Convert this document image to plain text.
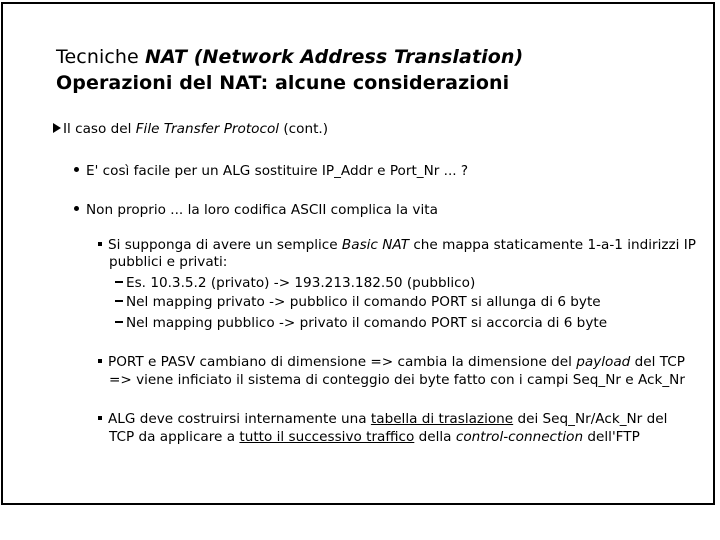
Tecniche NAT (Network Address Translation)
Operazioni del NAT: alcune considerazioni
Il caso del File Transfer Protocol (cont.)
E' così facile per un ALG sostituire IP_Addr e Port_Nr ... ?
Non proprio ... la loro codifica ASCII complica la vita
Si supponga di avere un semplice Basic NAT che mappa staticamente 1-a-1 indirizzi IP
pubblici e privati:
Es. 10.3.5.2 (privato) -> 193.213.182.50 (pubblico)
Nel mapping privato -> pubblico il comando PORT si allunga di 6 byte
Nel mapping pubblico -> privato il comando PORT si accorcia di 6 byte
PORT e PASV cambiano di dimensione => cambia la dimensione del payload del TCP
=> viene inficiato il sistema di conteggio dei byte fatto con i campi Seq_Nr e Ack_Nr
ALG deve costruirsi internamente una tabella di traslazione dei Seq_Nr/Ack_Nr del
TCP da applicare a tutto il successivo traffico della control-connection dell'FTP
